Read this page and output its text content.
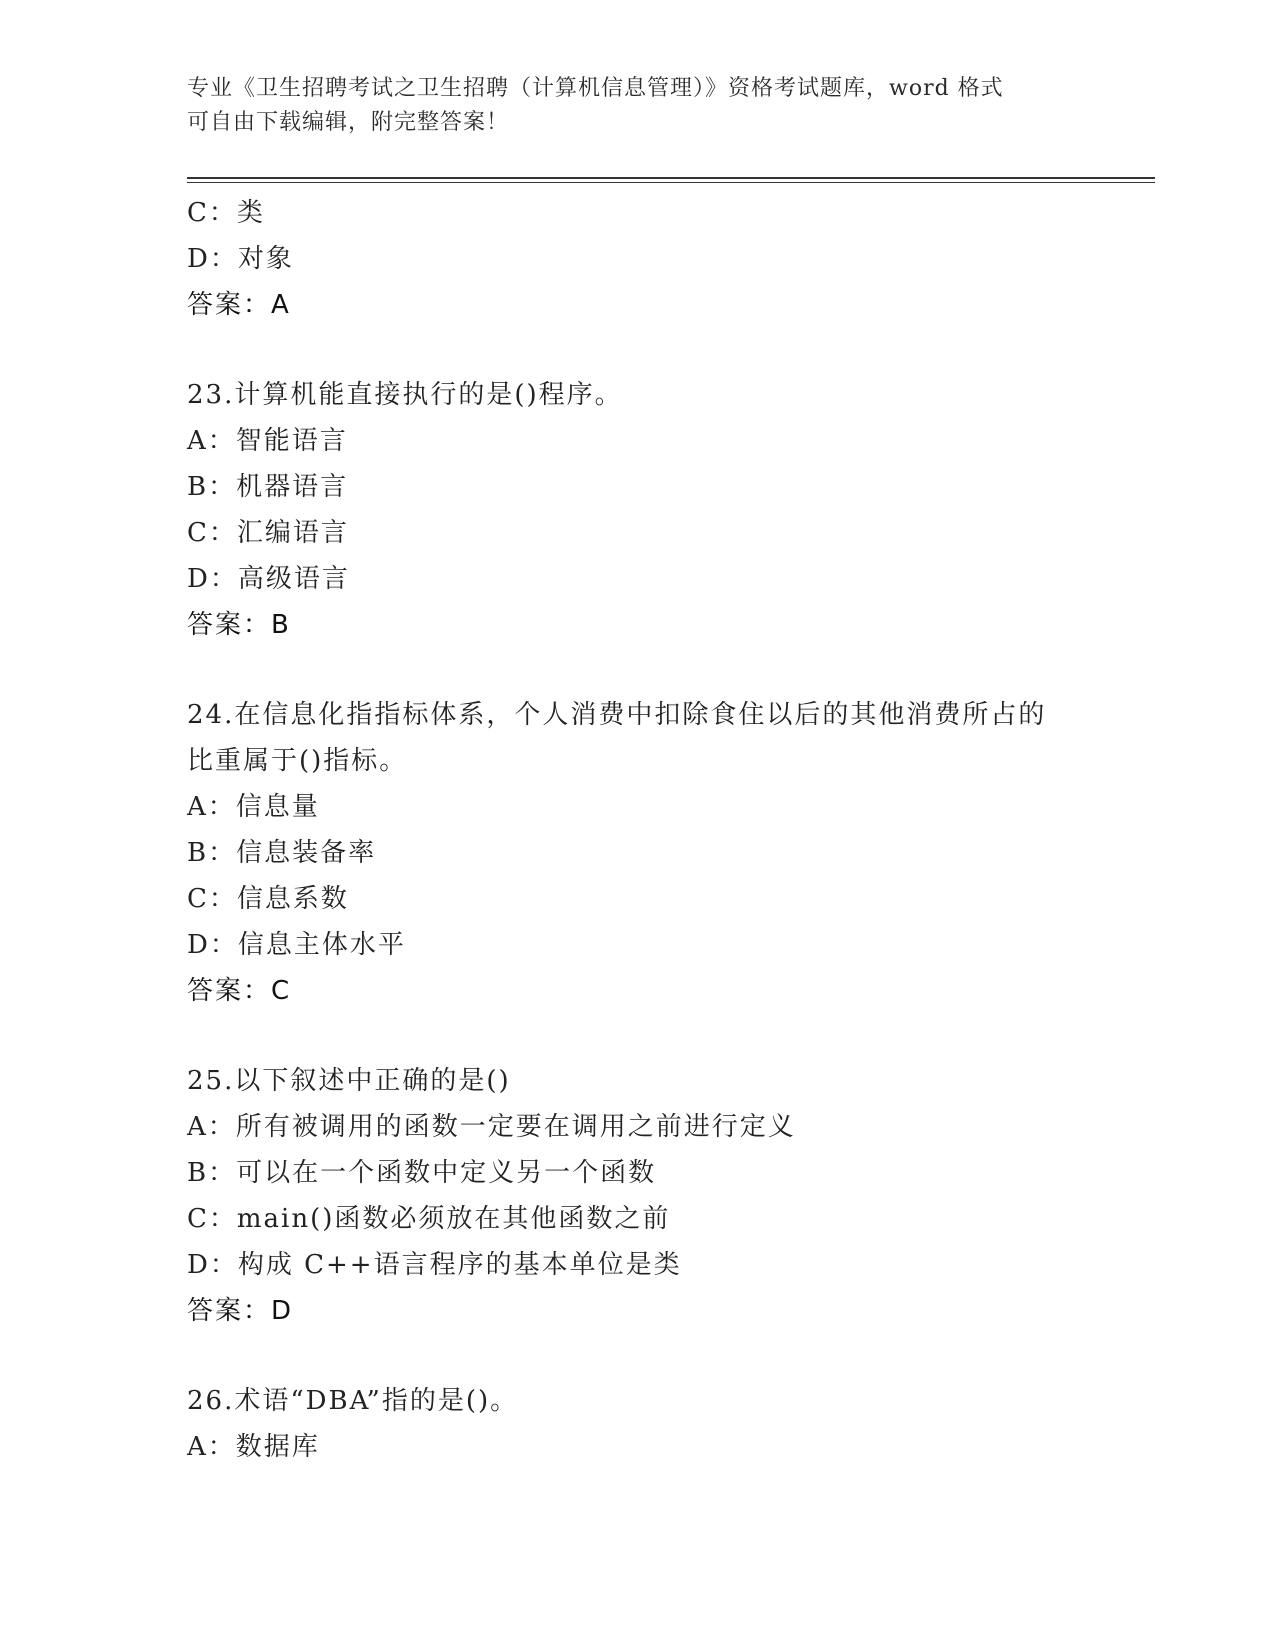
专业《卫生招聘考试之卫生招聘（计算机信息管理）》资格考试题库，word 格式
可自由下载编辑，附完整答案！
C：类
D：对象
答案：A
23.计算机能直接执行的是()程序。
A：智能语言
B：机器语言
C：汇编语言
D：高级语言
答案：B
24.在信息化指指标体系，个人消费中扣除食住以后的其他消费所占的
比重属于()指标。
A：信息量
B：信息装备率
C：信息系数
D：信息主体水平
答案：C
25.以下叙述中正确的是()
A：所有被调用的函数一定要在调用之前进行定义
B：可以在一个函数中定义另一个函数
C：main()函数必须放在其他函数之前
D：构成 C++语言程序的基本单位是类
答案：D
26.术语“DBA”指的是()。
A：数据库
